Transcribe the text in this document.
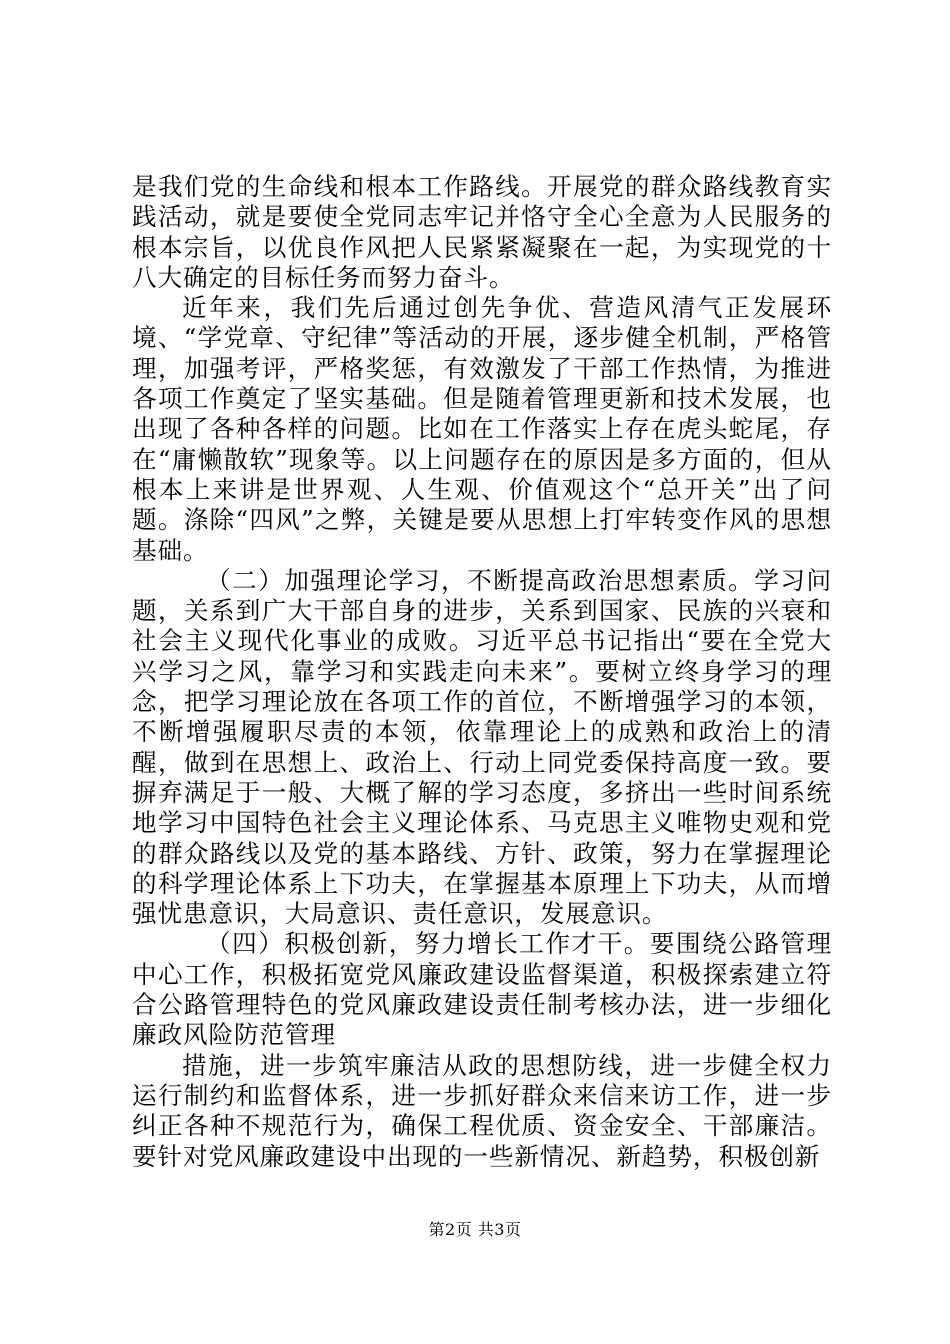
是我们党的生命线和根本工作路线。开展党的群众路线教育实践活动，就是要使全党同志牢记并恪守全心全意为人民服务的根本宗旨，以优良作风把人民紧紧凝聚在一起，为实现党的十八大确定的目标任务而努力奋斗。

近年来，我们先后通过创先争优、营造风清气正发展环境、“学党章、守纪律”等活动的开展，逐步健全机制，严格管理，加强考评，严格奖惩，有效激发了干部工作热情，为推进各项工作奠定了坚实基础。但是随着管理更新和技术发展，也出现了各种各样的问题。比如在工作落实上存在虎头蛇尾，存在“庸懒散软”现象等。以上问题存在的原因是多方面的，但从根本上来讲是世界观、人生观、价值观这个“总开关”出了问题。涤除“四风”之弊，关键是要从思想上打牢转变作风的思想基础。

（二）加强理论学习，不断提高政治思想素质。学习问题，关系到广大干部自身的进步，关系到国家、民族的兴衰和社会主义现代化事业的成败。习近平总书记指出“要在全党大兴学习之风，靠学习和实践走向未来”。要树立终身学习的理念，把学习理论放在各项工作的首位，不断增强学习的本领，不断增强履职尽责的本领，依靠理论上的成熟和政治上的清醒，做到在思想上、政治上、行动上同党委保持高度一致。要摒弃满足于一般、大概了解的学习态度，多挤出一些时间系统地学习中国特色社会主义理论体系、马克思主义唯物史观和党的群众路线以及党的基本路线、方针、政策，努力在掌握理论的科学理论体系上下功夫，在掌握基本原理上下功夫，从而增强忧患意识，大局意识、责任意识，发展意识。

（四）积极创新，努力增长工作才干。要围绕公路管理中心工作，积极拓宽党风廉政建设监督渠道，积极探索建立符合公路管理特色的党风廉政建设责任制考核办法，进一步细化廉政风险防范管理

措施，进一步筑牢廉洁从政的思想防线，进一步健全权力运行制约和监督体系，进一步抓好群众来信来访工作，进一步纠正各种不规范行为，确保工程优质、资金安全、干部廉洁。要针对党风廉政建设中出现的一些新情况、新趋势，积极创新

第2页 共3页
